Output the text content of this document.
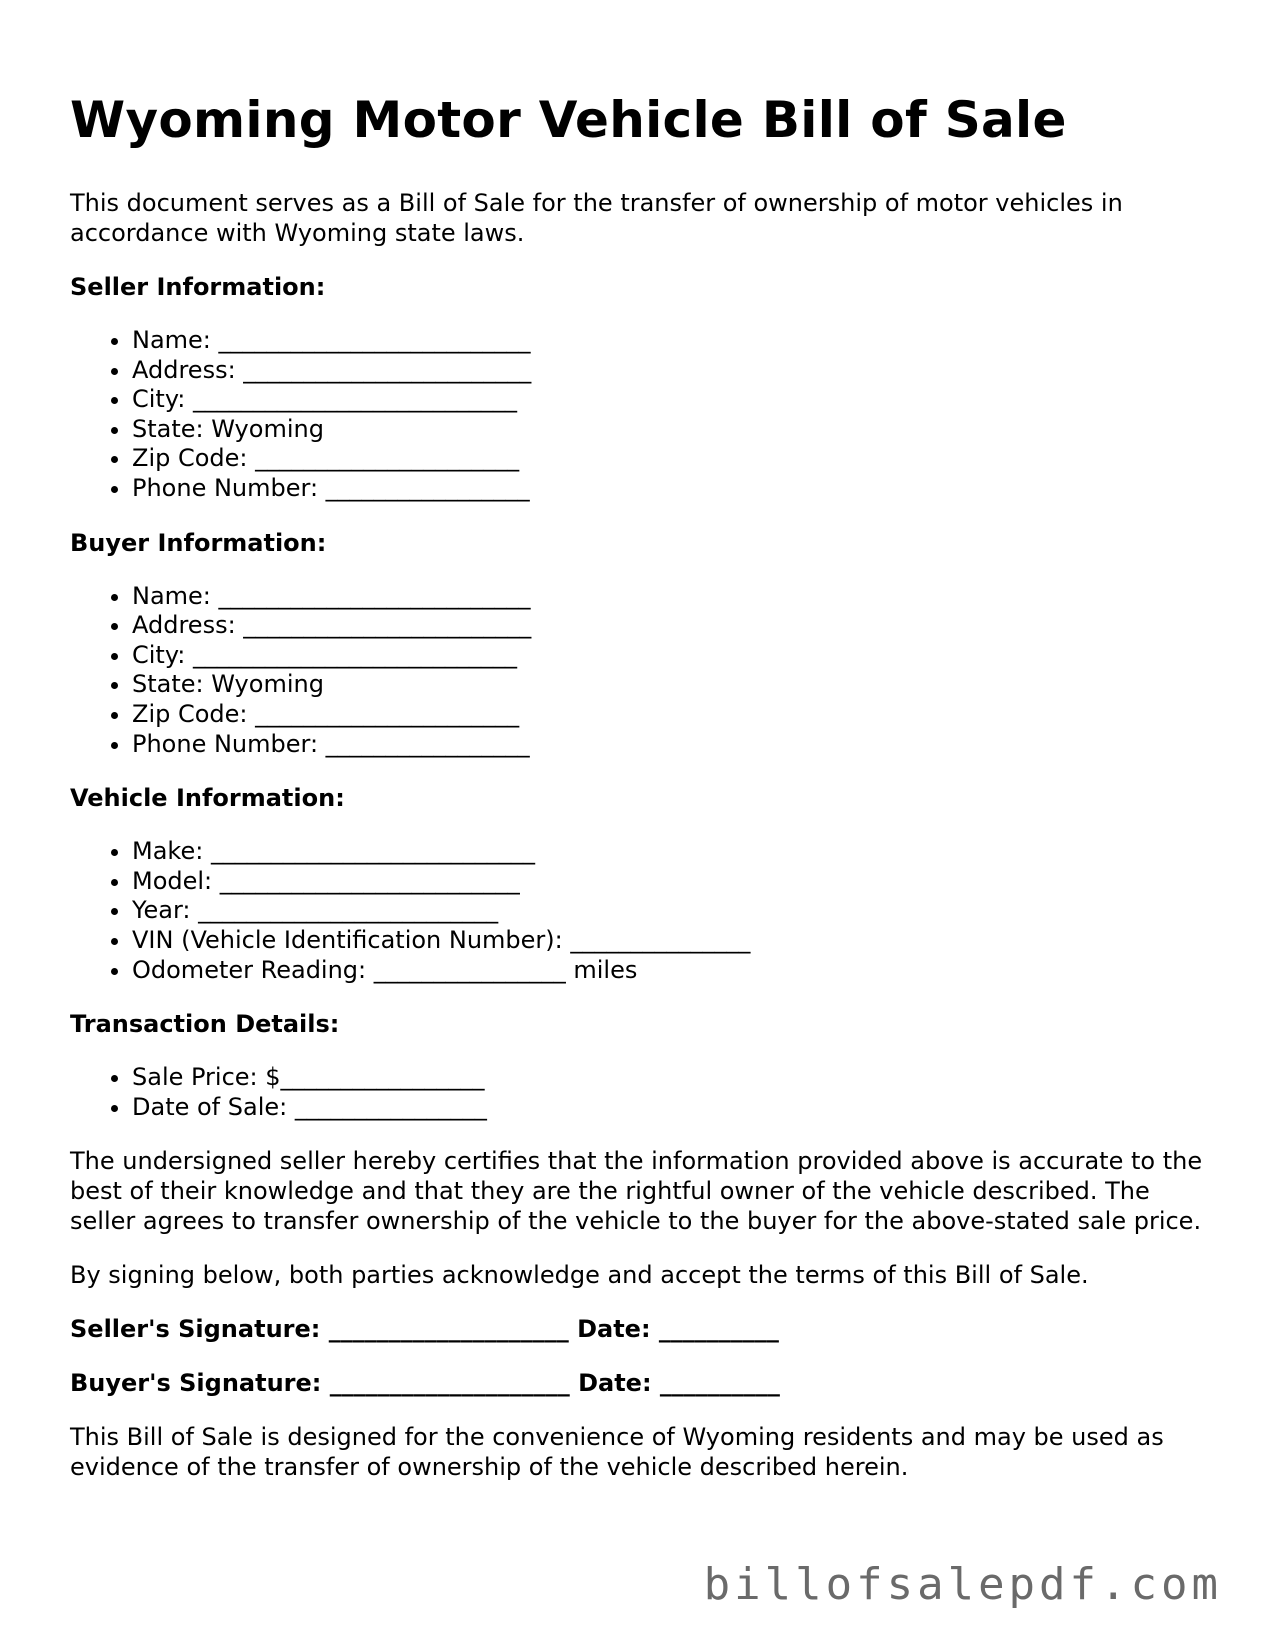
Wyoming Motor Vehicle Bill of Sale

This document serves as a Bill of Sale for the transfer of ownership of motor vehicles in accordance with Wyoming state laws.

Seller Information:
• Name: __________________________
• Address: ________________________
• City: ___________________________
• State: Wyoming
• Zip Code: ______________________
• Phone Number: _________________
Buyer Information:
• Name: __________________________
• Address: ________________________
• City: ___________________________
• State: Wyoming
• Zip Code: ______________________
• Phone Number: _________________
Vehicle Information:
• Make: ___________________________
• Model: _________________________
• Year: _________________________
• VIN (Vehicle Identification Number): _______________
• Odometer Reading: ________________ miles
Transaction Details:
• Sale Price: $_________________
• Date of Sale: ________________

The undersigned seller hereby certifies that the information provided above is accurate to the best of their knowledge and that they are the rightful owner of the vehicle described. The seller agrees to transfer ownership of the vehicle to the buyer for the above-stated sale price.

By signing below, both parties acknowledge and accept the terms of this Bill of Sale.

Seller's Signature: ____________________ Date: __________
Buyer's Signature: ____________________ Date: __________

This Bill of Sale is designed for the convenience of Wyoming residents and may be used as evidence of the transfer of ownership of the vehicle described herein.

billofsalepdf.com
